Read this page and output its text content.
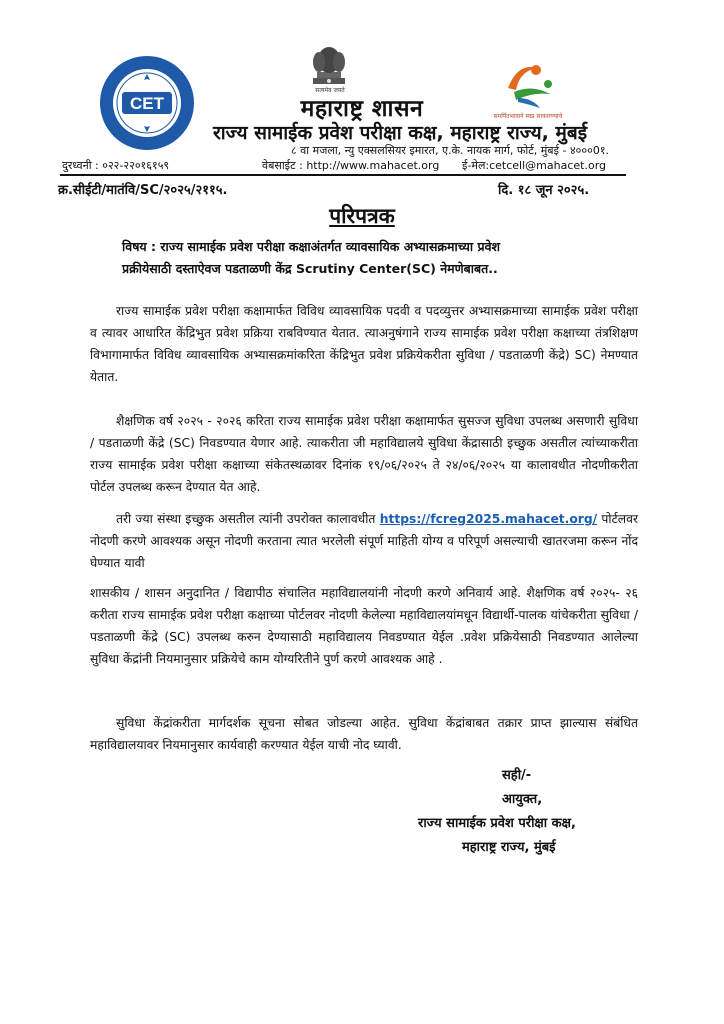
CET
सत्यमेव जयते
समर्पितभावाने स्वप्न साकारण्याचे
महाराष्ट्र शासन
राज्य सामाईक प्रवेश परीक्षा कक्ष, महाराष्ट्र राज्य, मुंबई
८ वा मजला, न्यु एक्सलसियर इमारत, ए.के. नायक मार्ग, फोर्ट, मुंबई - ४०००0१.
दुरध्वनी : ०२२-२२०१६१५९	वेबसाईट : http://www.mahacet.org	ई-मेल:cetcell@mahacet.org
क्र.सीईटी/मातंवि/SC/२०२५/२११५.	दि. १८ जून २०२५.
परिपत्रक
विषय : राज्य सामाईक प्रवेश परीक्षा कक्षाअंतर्गत व्यावसायिक अभ्यासक्रमाच्या प्रवेश

प्रक्रीयेसाठी दस्ताऐवज पडताळणी केंद्र Scrutiny Center(SC) नेमणेबाबत..
राज्य सामाईक प्रवेश परीक्षा कक्षामार्फत विविध व्यावसायिक पदवी व पदव्युत्तर अभ्यासक्रमाच्या सामाईक प्रवेश परीक्षा व त्यावर आधारित केंद्रिभुत प्रवेश प्रक्रिया राबविण्यात येतात. त्याअनुषंगाने राज्य सामाईक प्रवेश परीक्षा कक्षाच्या तंत्रशिक्षण विभागामार्फत विविध व्यावसायिक अभ्यासक्रमांकरिता केंद्रिभुत प्रवेश प्रक्रियेकरीता सुविधा / पडताळणी केंद्रे) SC) नेमण्यात येतात.
शैक्षणिक वर्ष २०२५ - २०२६ करिता राज्य सामाईक प्रवेश परीक्षा कक्षामार्फत सुसज्ज सुविधा उपलब्ध असणारी सुविधा / पडताळणी केंद्रे (SC) निवडण्यात येणार आहे. त्याकरीता जी महाविद्यालये सुविधा केंद्रासाठी इच्छुक असतील त्यांच्याकरीता राज्य सामाईक प्रवेश परीक्षा कक्षाच्या संकेतस्थळावर दिनांक १९/०६/२०२५ ते २४/०६/२०२५ या कालावधीत नोदणीकरीता पोर्टल उपलब्ध करून देण्यात येत आहे.
तरी ज्या संस्था इच्छुक असतील त्यांनी उपरोक्त कालावधीत https://fcreg2025.mahacet.org/ पोर्टलवर नोदणी करणे आवश्यक असून नोदणी करताना त्यात भरलेली संपूर्ण माहिती योग्य व परिपूर्ण असल्याची खातरजमा करून नोंद घेण्यात यावी
शासकीय / शासन अनुदानित / विद्यापीठ संचालित महाविद्यालयांनी नोदणी करणे अनिवार्य आहे. शैक्षणिक वर्ष २०२५- २६ करीता राज्य सामाईक प्रवेश परीक्षा कक्षाच्या पोर्टलवर नोदणी केलेल्या महाविद्यालयांमधून विद्यार्थी-पालक यांचेकरीता सुविधा / पडताळणी केंद्रे (SC) उपलब्ध करुन देण्यासाठी महाविद्यालय निवडण्यात येईल .प्रवेश प्रक्रियेसाठी निवडण्यात आलेल्या सुविधा केंद्रांनी नियमानुसार प्रक्रियेचे काम योग्यरितीने पुर्ण करणे आवश्यक आहे .
सुविधा केंद्रांकरीता मार्गदर्शक सूचना सोबत जोडल्या आहेत. सुविधा केंद्रांबाबत तक्रार प्राप्त झाल्यास संबंधित महाविद्यालयावर नियमानुसार कार्यवाही करण्यात येईल याची नोद घ्यावी.
सही/-
आयुक्त,
राज्य सामाईक प्रवेश परीक्षा कक्ष,
महाराष्ट्र राज्य, मुंबई
